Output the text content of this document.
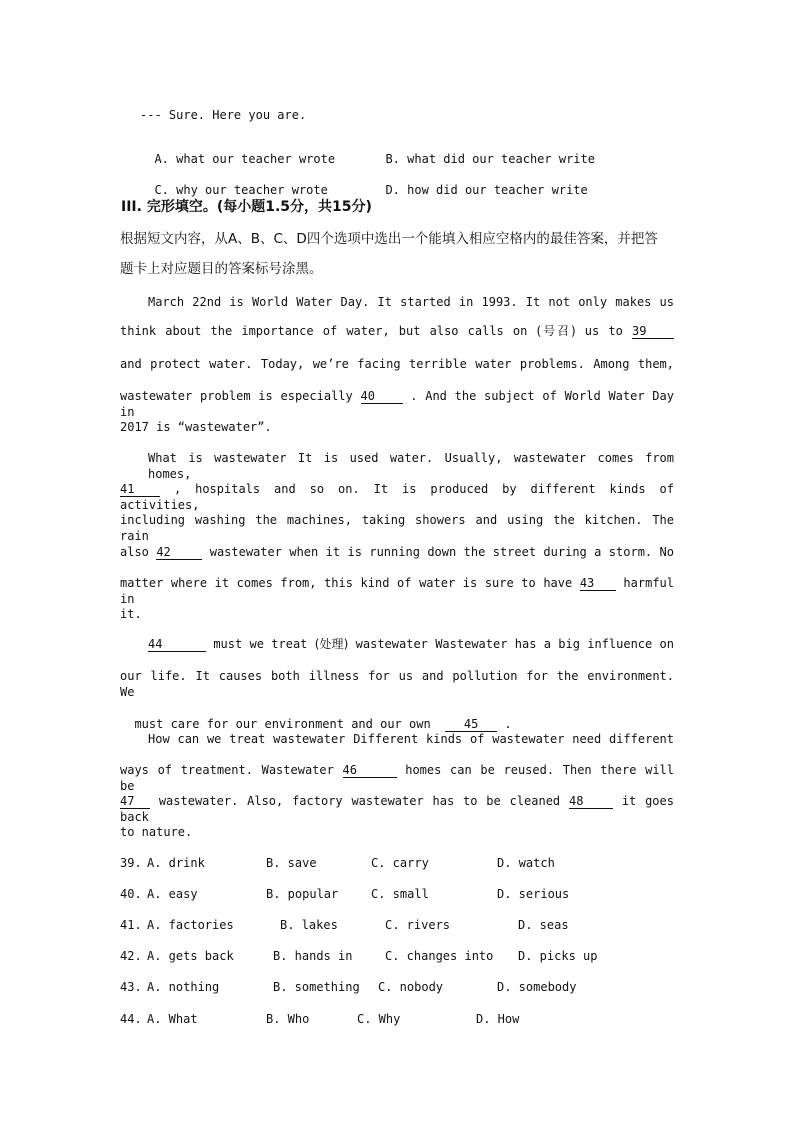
--- Sure. Here you are.

A. what our teacher wrote	B. what did our teacher write

C. why our teacher wrote	D. how did our teacher write

III. 完形填空。(每小题1.5分，共15分)
根据短文内容，从A、B、C、D四个选项中选出一个能填入相应空格内的最佳答案，并把答
题卡上对应题目的答案标号涂黑。
March 22nd is World Water Day. It started in 1993. It not only makes us
think about the importance of water, but also calls on (号召) us to 39
and protect water. Today, we’re facing terrible water problems. Among them,
wastewater problem is especially 40	. And the subject of World Water Day in
2017 is “wastewater”.
What is wastewater It is used water. Usually, wastewater comes from homes,
41	, hospitals and so on. It is produced by different kinds of activities,
including washing the machines, taking showers and using the kitchen. The rain
also 42	wastewater when it is running down the street during a storm. No
matter where it comes from, this kind of water is sure to have 43 harmful in
it.
44	must we treat (处理) wastewater Wastewater has a big influence on
our life. It causes both illness for us and pollution for the environment. We

must care for our environment and our own	45 .

How can we treat wastewater Different kinds of wastewater need different
ways of treatment. Wastewater 46	homes can be reused. Then there will be
47 wastewater. Also, factory wastewater has to be cleaned 48	it goes back
to nature.
39. A. drink	B. save	C. carry	D. watch
40. A. easy	B. popular	C. small	D. serious
41. A. factories	B. lakes	C. rivers	D. seas
42. A. gets back	B. hands in	C. changes into D. picks up
43. A. nothing	B. something C. nobody	D. somebody
44. A. What	B. Who	C. Why	D. How
